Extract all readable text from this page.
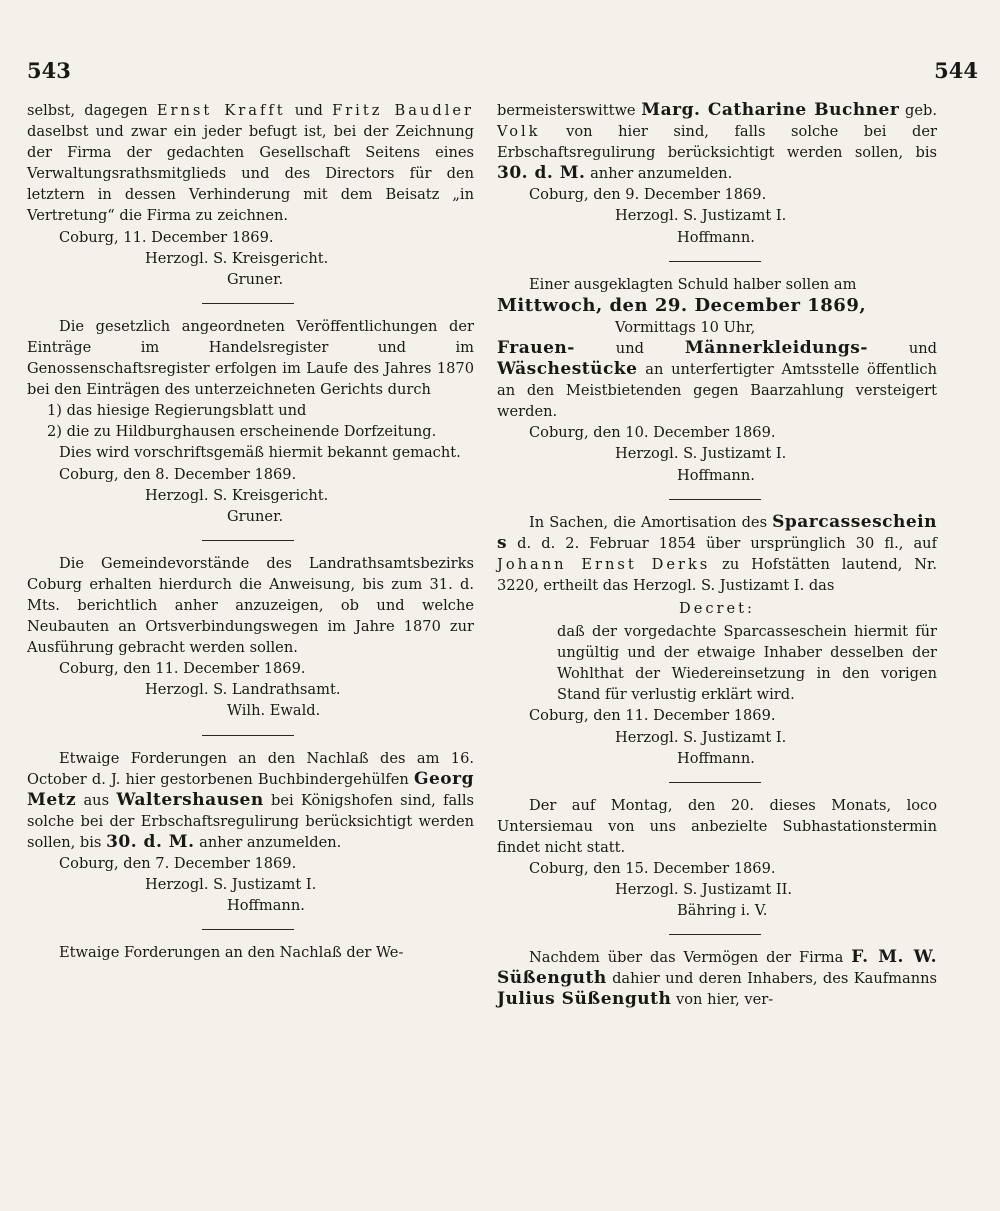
543	544

selbst, dagegen Ernst Krafft und Fritz Baudler daselbst und zwar ein jeder befugt ist, bei der Zeichnung der Firma der gedachten Gesellschaft Seitens eines Verwaltungsrathsmitglieds und des Directors für den letztern in dessen Verhinderung mit dem Beisatz „in Vertretung“ die Firma zu zeichnen.

Coburg, 11. December 1869.

Herzogl. S. Kreisgericht.

Gruner.

Die gesetzlich angeordneten Veröffentlichungen der Einträge im Handelsregister und im Genossenschaftsregister erfolgen im Laufe des Jahres 1870 bei den Einträgen des unterzeichneten Gerichts durch

1) das hiesige Regierungsblatt und

2) die zu Hildburghausen erscheinende Dorfzeitung.

Dies wird vorschriftsgemäß hiermit bekannt gemacht.

Coburg, den 8. December 1869.

Herzogl. S. Kreisgericht.

Gruner.

Die Gemeindevorstände des Landrathsamtsbezirks Coburg erhalten hierdurch die Anweisung, bis zum 31. d. Mts. berichtlich anher anzuzeigen, ob und welche Neubauten an Ortsverbindungswegen im Jahre 1870 zur Ausführung gebracht werden sollen.

Coburg, den 11. December 1869.

Herzogl. S. Landrathsamt.

Wilh. Ewald.

Etwaige Forderungen an den Nachlaß des am 16. October d. J. hier gestorbenen Buchbindergehülfen Georg Metz aus Waltershausen bei Königshofen sind, falls solche bei der Erbschaftsregulirung berücksichtigt werden sollen, bis 30. d. M. anher anzumelden.

Coburg, den 7. December 1869.

Herzogl. S. Justizamt I.

Hoffmann.

Etwaige Forderungen an den Nachlaß der We-

bermeisterswittwe Marg. Catharine Buchner geb. Volk von hier sind, falls solche bei der Erbschaftsregulirung berücksichtigt werden sollen, bis 30. d. M. anher anzumelden.

Coburg, den 9. December 1869.

Herzogl. S. Justizamt I.

Hoffmann.

Einer ausgeklagten Schuld halber sollen am

Mittwoch, den 29. December 1869,

Vormittags 10 Uhr,

Frauen- und Männerkleidungs- und Wäschestücke an unterfertigter Amtsstelle öffentlich an den Meistbietenden gegen Baarzahlung versteigert werden.

Coburg, den 10. December 1869.

Herzogl. S. Justizamt I.

Hoffmann.

In Sachen, die Amortisation des Sparcasseschein s d. d. 2. Februar 1854 über ursprünglich 30 fl., auf Johann Ernst Derks zu Hofstätten lautend, Nr. 3220, ertheilt das Herzogl. S. Justizamt I. das

Decret:

daß der vorgedachte Sparcasseschein hiermit für ungültig und der etwaige Inhaber desselben der Wohlthat der Wiedereinsetzung in den vorigen Stand für verlustig erklärt wird.

Coburg, den 11. December 1869.

Herzogl. S. Justizamt I.

Hoffmann.

Der auf Montag, den 20. dieses Monats, loco Untersiemau von uns anbezielte Subhastationstermin findet nicht statt.

Coburg, den 15. December 1869.

Herzogl. S. Justizamt II.

Bähring i. V.

Nachdem über das Vermögen der Firma F. M. W. Süßenguth dahier und deren Inhabers, des Kaufmanns Julius Süßenguth von hier, ver-
